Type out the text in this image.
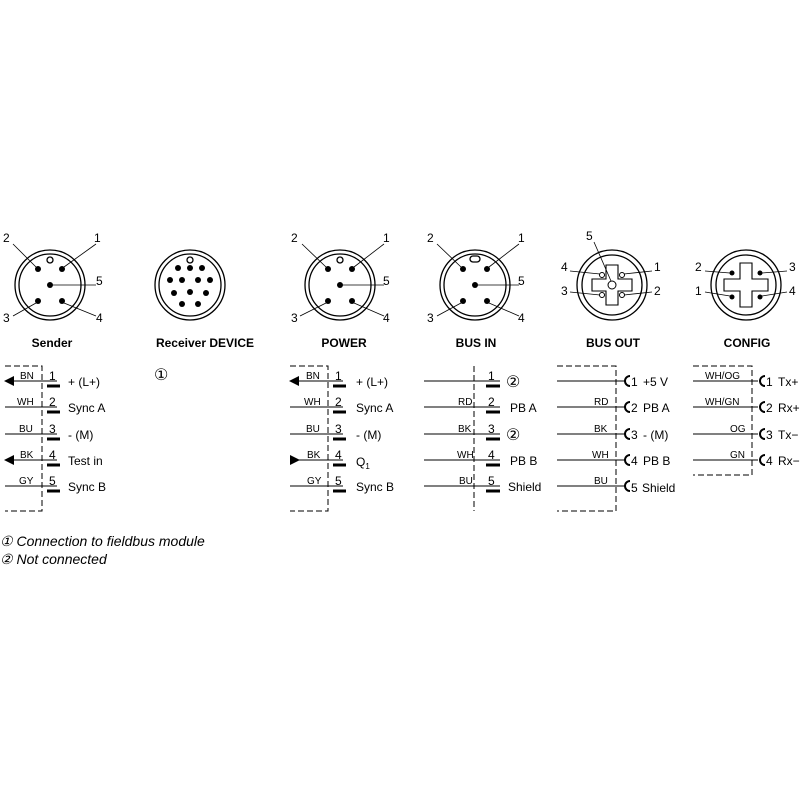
1
2
3	4
5
1
2
3	4
5
1
2
3	4
5
1
2
3
4
5
1
2	3
4
Sender	Receiver DEVICE	POWER	BUS IN	BUS OUT	CONFIG
①
BN 1 + (L+)
WH 2 Sync A
BU 3 - (M)
BK 4 Test in
GY 5 Sync B
BN 1 + (L+)
WH 2 Sync A
BU 3 - (M)
BK 4 $Q_1$
GY 5 Sync B
1 ②
RD 2 PB A
BK 3 ②
WH 4 PB B
BU 5 Shield
1 +5 V
RD 2 PB A
BK 3 - (M)
WH 4 PB B
BU 5 Shield
WH/OG 1 Tx+
WH/GN 2 Rx+
OG 3 Tx−
GN 4 Rx−
① Connection to fieldbus module
② Not connected
